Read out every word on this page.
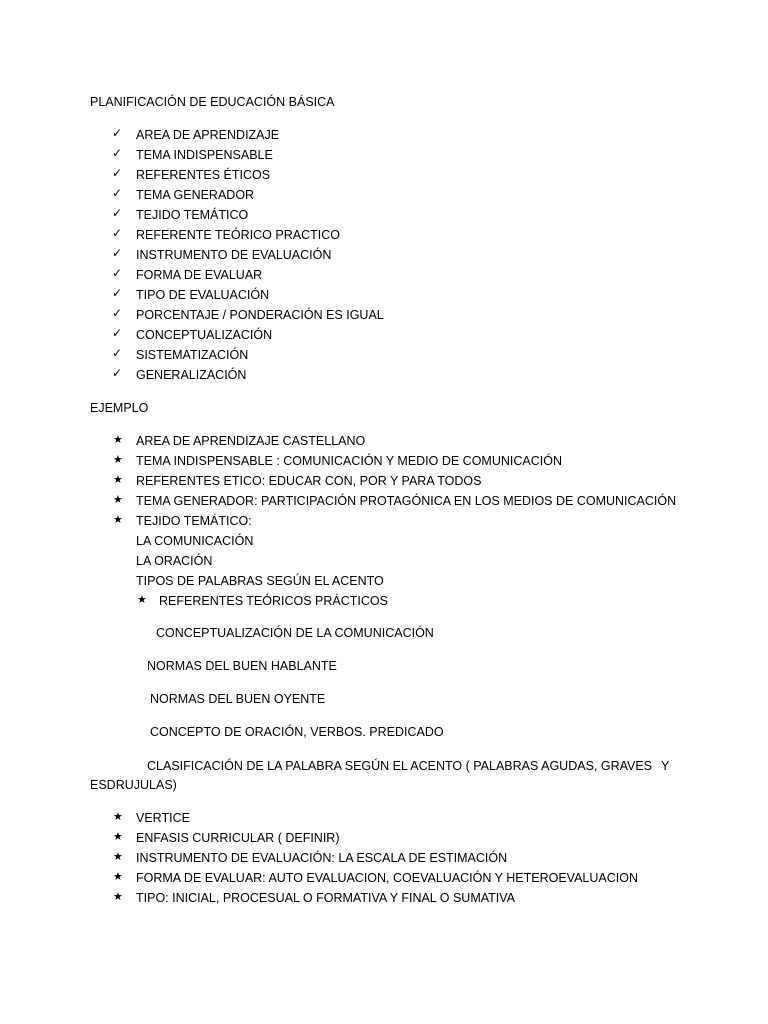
PLANIFICACIÓN DE EDUCACIÓN BÁSICA
✓ AREA DE APRENDIZAJE
✓ TEMA INDISPENSABLE
✓ REFERENTES ÉTICOS
✓ TEMA GENERADOR
✓ TEJIDO TEMÁTICO
✓ REFERENTE TEÓRICO PRACTICO
✓ INSTRUMENTO DE EVALUACIÓN
✓ FORMA DE EVALUAR
✓ TIPO DE EVALUACIÓN
✓ PORCENTAJE / PONDERACIÓN ES IGUAL
✓ CONCEPTUALIZACIÓN
✓ SISTEMATIZACIÓN
✓ GENERALIZACIÓN
EJEMPLO
★ AREA DE APRENDIZAJE CASTELLANO
★ TEMA INDISPENSABLE : COMUNICACIÓN Y MEDIO DE COMUNICACIÓN
★ REFERENTES ETICO: EDUCAR CON, POR Y PARA TODOS
★ TEMA GENERADOR: PARTICIPACIÓN PROTAGÓNICA EN LOS MEDIOS DE COMUNICACIÓN
★ TEJIDO TEMÁTICO:
LA COMUNICACIÓN
LA ORACIÓN
TIPOS DE PALABRAS SEGÚN EL ACENTO
★ REFERENTES TEÓRICOS PRÁCTICOS
CONCEPTUALIZACIÓN DE LA COMUNICACIÓN
NORMAS DEL BUEN HABLANTE
NORMAS DEL BUEN OYENTE
CONCEPTO DE ORACIÓN, VERBOS. PREDICADO
CLASIFICACIÓN DE LA PALABRA SEGÚN EL ACENTO ( PALABRAS AGUDAS, GRAVES Y
ESDRUJULAS)
★ VERTICE
★ ENFASIS CURRICULAR ( DEFINIR)
★ INSTRUMENTO DE EVALUACIÓN: LA ESCALA DE ESTIMACIÓN
★ FORMA DE EVALUAR: AUTO EVALUACION, COEVALUACIÓN Y HETEROEVALUACION
★ TIPO: INICIAL, PROCESUAL O FORMATIVA Y FINAL O SUMATIVA
